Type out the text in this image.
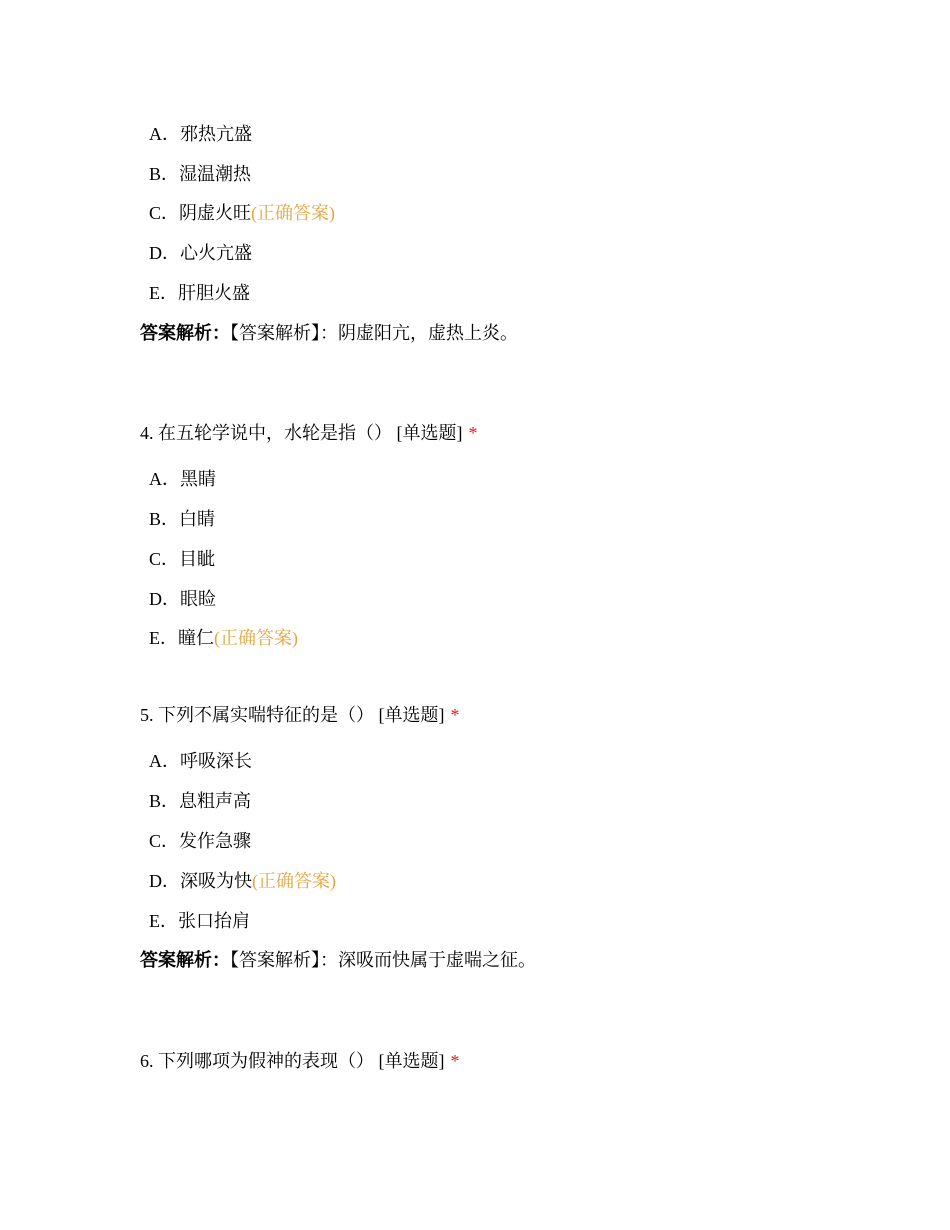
A．邪热亢盛
B．湿温潮热
C．阴虚火旺(正确答案)
D．心火亢盛
E．肝胆火盛
答案解析：【答案解析】：阴虚阳亢，虚热上炎。
4. 在五轮学说中，水轮是指（） [单选题] *
A．黑睛
B．白睛
C．目眦
D．眼睑
E．瞳仁(正确答案)
5. 下列不属实喘特征的是（） [单选题] *
A．呼吸深长
B．息粗声高
C．发作急骤
D．深吸为快(正确答案)
E．张口抬肩
答案解析：【答案解析】：深吸而快属于虚喘之征。
6. 下列哪项为假神的表现（） [单选题] *
